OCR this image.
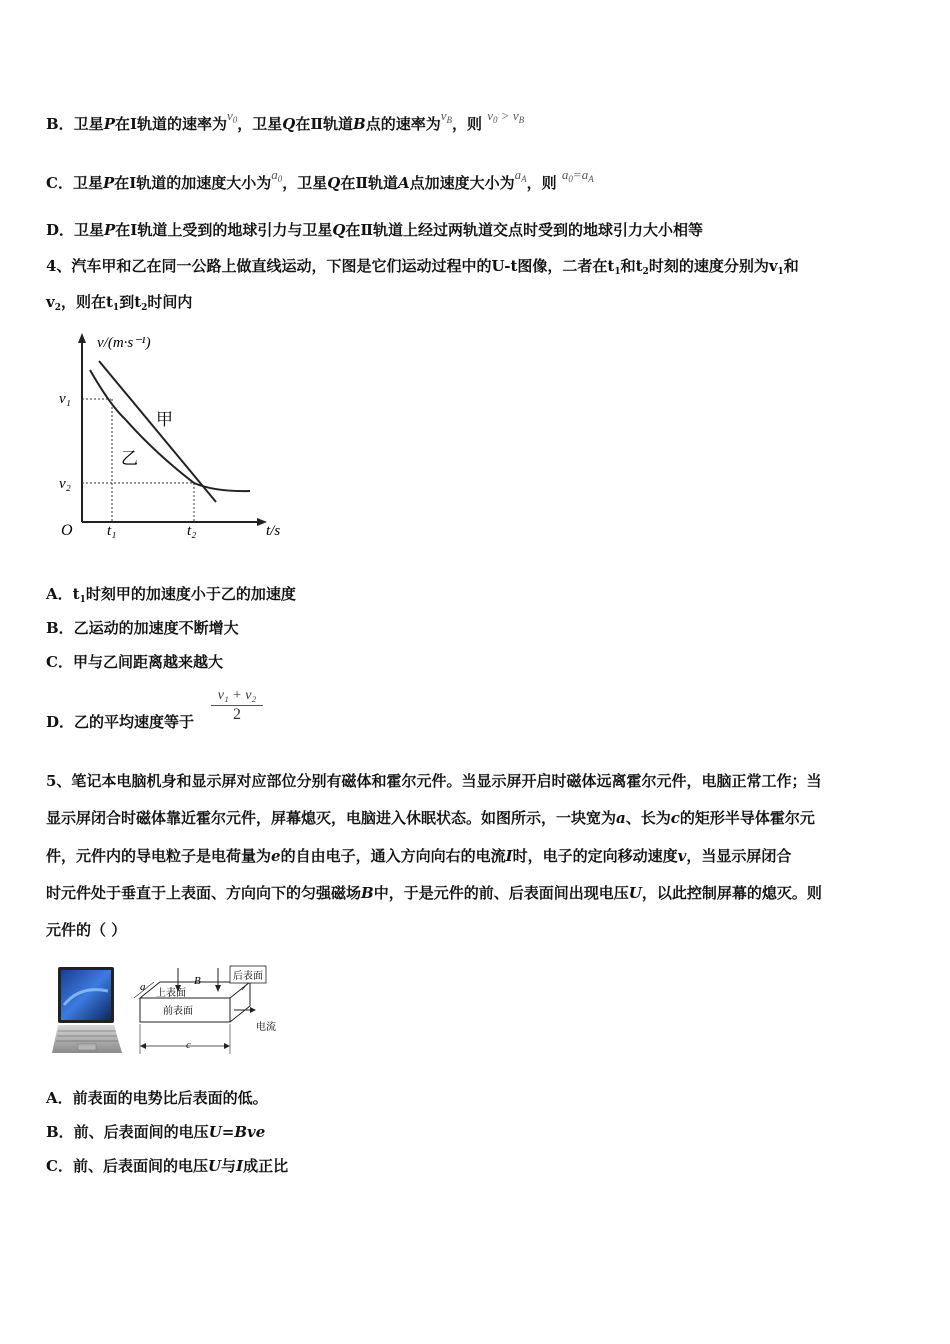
B．卫星P在Ⅰ轨道的速率为$v_0$，卫星Q在Ⅱ轨道B点的速率为$v_B$，则 $v_0 > v_B$
C．卫星P在Ⅰ轨道的加速度大小为$a_0$，卫星Q在Ⅱ轨道A点加速度大小为$a_A$，则 $a_0=a_A$
D．卫星P在Ⅰ轨道上受到的地球引力与卫星Q在Ⅱ轨道上经过两轨道交点时受到的地球引力大小相等
4、汽车甲和乙在同一公路上做直线运动，下图是它们运动过程中的U-t图像，二者在$t_1$和$t_2$时刻的速度分别为$v_1$和
$v_2$，则在$t_1$到$t_2$时间内
v/(m·s⁻¹)
v₁
v₂
甲
乙
O t₁	t₂	t/s
A．$t_1$时刻甲的加速度小于乙的加速度
B．乙运动的加速度不断增大
C．甲与乙间距离越来越大
D．乙的平均速度等于 $\frac{\text{v₁ + v₂}}{2}$
5、笔记本电脑机身和显示屏对应部位分别有磁体和霍尔元件。当显示屏开启时磁体远离霍尔元件，电脑正常工作；当
显示屏闭合时磁体靠近霍尔元件，屏幕熄灭，电脑进入休眠状态。如图所示，一块宽为a、长为c的矩形半导体霍尔元
件，元件内的导电粒子是电荷量为e的自由电子，通入方向向右的电流I时，电子的定向移动速度v，当显示屏闭合
时元件处于垂直于上表面、方向向下的匀强磁场B中，于是元件的前、后表面间出现电压U，以此控制屏幕的熄灭。则
元件的（ ）
B	后表面
上表面
前表面
a
电流
c
A．前表面的电势比后表面的低。
B．前、后表面间的电压U=Bve
C．前、后表面间的电压U与I成正比
